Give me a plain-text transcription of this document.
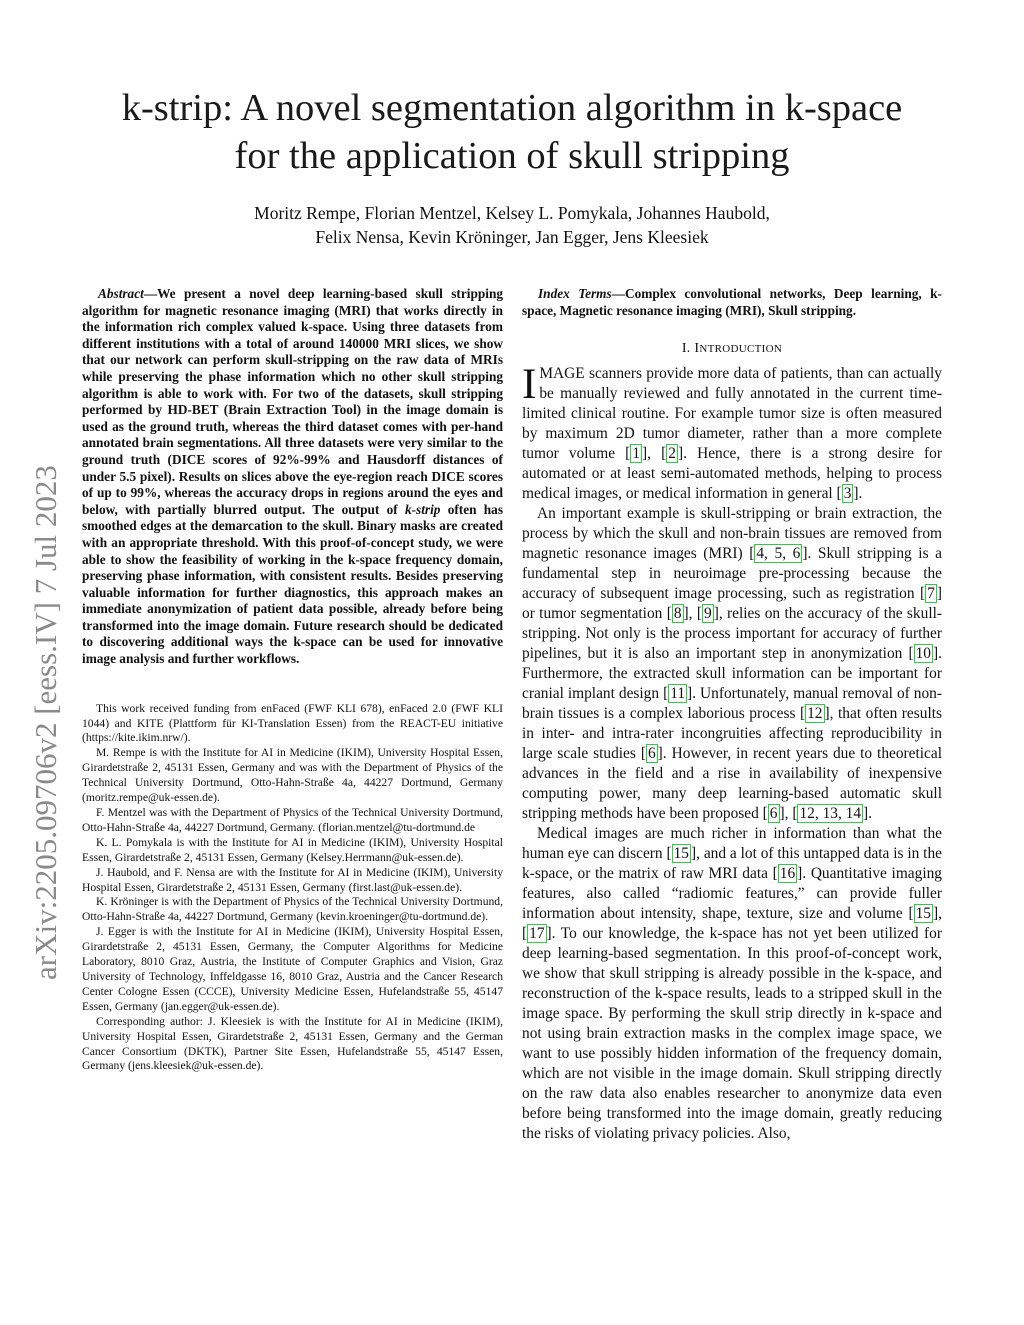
k-strip: A novel segmentation algorithm in k-space
for the application of skull stripping
Moritz Rempe, Florian Mentzel, Kelsey L. Pomykala, Johannes Haubold,
Felix Nensa, Kevin Kröninger, Jan Egger, Jens Kleesiek
arXiv:2205.09706v2 [eess.IV] 7 Jul 2023

Abstract—We present a novel deep learning-based skull stripping algorithm for magnetic resonance imaging (MRI) that works directly in the information rich complex valued k-space. Using three datasets from different institutions with a total of around 140000 MRI slices, we show that our network can perform skull-stripping on the raw data of MRIs while preserving the phase information which no other skull stripping algorithm is able to work with. For two of the datasets, skull stripping performed by HD-BET (Brain Extraction Tool) in the image domain is used as the ground truth, whereas the third dataset comes with per-hand annotated brain segmentations. All three datasets were very similar to the ground truth (DICE scores of 92%-99% and Hausdorff distances of under 5.5 pixel). Results on slices above the eye-region reach DICE scores of up to 99%, whereas the accuracy drops in regions around the eyes and below, with partially blurred output. The output of k-strip often has smoothed edges at the demarcation to the skull. Binary masks are created with an appropriate threshold. With this proof-of-concept study, we were able to show the feasibility of working in the k-space frequency domain, preserving phase information, with consistent results. Besides preserving valuable information for further diagnostics, this approach makes an immediate anonymization of patient data possible, already before being transformed into the image domain. Future research should be dedicated to discovering additional ways the k-space can be used for innovative image analysis and further workflows.

This work received funding from enFaced (FWF KLI 678), enFaced 2.0 (FWF KLI 1044) and KITE (Plattform für KI-Translation Essen) from the REACT-EU initiative (https://kite.ikim.nrw/).

M. Rempe is with the Institute for AI in Medicine (IKIM), University Hospital Essen, Girardetstraße 2, 45131 Essen, Germany and was with the Department of Physics of the Technical University Dortmund, Otto-Hahn-Straße 4a, 44227 Dortmund, Germany (moritz.rempe@uk-essen.de).

F. Mentzel was with the Department of Physics of the Technical University Dortmund, Otto-Hahn-Straße 4a, 44227 Dortmund, Germany. (florian.mentzel@tu-dortmund.de

K. L. Pomykala is with the Institute for AI in Medicine (IKIM), University Hospital Essen, Girardetstraße 2, 45131 Essen, Germany (Kelsey.Herrmann@uk-essen.de).

J. Haubold, and F. Nensa are with the Institute for AI in Medicine (IKIM), University Hospital Essen, Girardetstraße 2, 45131 Essen, Germany (first.last@uk-essen.de).

K. Kröninger is with the Department of Physics of the Technical University Dortmund, Otto-Hahn-Straße 4a, 44227 Dortmund, Germany (kevin.kroeninger@tu-dortmund.de).

J. Egger is with the Institute for AI in Medicine (IKIM), University Hospital Essen, Girardetstraße 2, 45131 Essen, Germany, the Computer Algorithms for Medicine Laboratory, 8010 Graz, Austria, the Institute of Computer Graphics and Vision, Graz University of Technology, Inffeldgasse 16, 8010 Graz, Austria and the Cancer Research Center Cologne Essen (CCCE), University Medicine Essen, Hufelandstraße 55, 45147 Essen, Germany (jan.egger@uk-essen.de).

Corresponding author: J. Kleesiek is with the Institute for AI in Medicine (IKIM), University Hospital Essen, Girardetstraße 2, 45131 Essen, Germany and the German Cancer Consortium (DKTK), Partner Site Essen, Hufelandstraße 55, 45147 Essen, Germany (jens.kleesiek@uk-essen.de).

Index Terms—Complex convolutional networks, Deep learning, k-space, Magnetic resonance imaging (MRI), Skull stripping.

I. INTRODUCTION

IMAGE scanners provide more data of patients, than can actually be manually reviewed and fully annotated in the current time-limited clinical routine. For example tumor size is often measured by maximum 2D tumor diameter, rather than a more complete tumor volume [ 1 ], [ 2 ]. Hence, there is a strong desire for automated or at least semi-automated methods, helping to process medical images, or medical information in general [ 3 ].

An important example is skull-stripping or brain extraction, the process by which the skull and non-brain tissues are removed from magnetic resonance images (MRI) [ 4, 5, 6 ]. Skull stripping is a fundamental step in neuroimage pre-processing because the accuracy of subsequent image processing, such as registration [ 7 ] or tumor segmentation [ 8 ], [ 9 ], relies on the accuracy of the skull-stripping. Not only is the process important for accuracy of further pipelines, but it is also an important step in anonymization [ 10 ]. Furthermore, the extracted skull information can be important for cranial implant design [ 11 ]. Unfortunately, manual removal of non-brain tissues is a complex laborious process [ 12 ], that often results in inter- and intra-rater incongruities affecting reproducibility in large scale studies [ 6 ]. However, in recent years due to theoretical advances in the field and a rise in availability of inexpensive computing power, many deep learning-based automatic skull stripping methods have been proposed [ 6 ], [ 12, 13, 14 ].

Medical images are much richer in information than what the human eye can discern [ 15 ], and a lot of this untapped data is in the k-space, or the matrix of raw MRI data [ 16 ]. Quantitative imaging features, also called “radiomic features,” can provide fuller information about intensity, shape, texture, size and volume [ 15 ], [ 17 ]. To our knowledge, the k-space has not yet been utilized for deep learning-based segmentation. In this proof-of-concept work, we show that skull stripping is already possible in the k-space, and reconstruction of the k-space results, leads to a stripped skull in the image space. By performing the skull strip directly in k-space and not using brain extraction masks in the complex image space, we want to use possibly hidden information of the frequency domain, which are not visible in the image domain. Skull stripping directly on the raw data also enables researcher to anonymize data even before being transformed into the image domain, greatly reducing the risks of violating privacy policies. Also,
